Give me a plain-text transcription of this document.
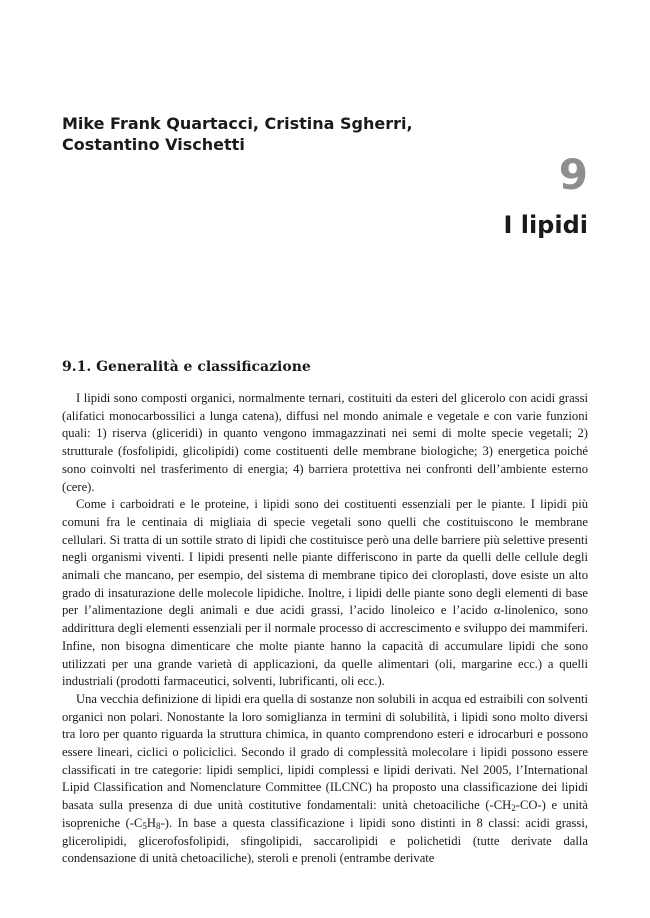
Mike Frank Quartacci, Cristina Sgherri,
Costantino Vischetti
9
I lipidi
9.1. Generalità e classificazione

I lipidi sono composti organici, normalmente ternari, costituiti da esteri del glicerolo con acidi grassi (alifatici monocarbossilici a lunga catena), diffusi nel mondo animale e vegetale e con varie funzioni quali: 1) riserva (gliceridi) in quanto vengono immagazzinati nei semi di molte specie vegetali; 2) strutturale (fosfolipidi, glicolipidi) come costituenti delle membrane biologiche; 3) energetica poiché sono coinvolti nel trasferimento di energia; 4) barriera protettiva nei confronti dell’ambiente esterno (cere).

Come i carboidrati e le proteine, i lipidi sono dei costituenti essenziali per le piante. I lipidi più comuni fra le centinaia di migliaia di specie vegetali sono quelli che costituiscono le membrane cellulari. Si tratta di un sottile strato di lipidi che costituisce però una delle barriere più selettive presenti negli organismi viventi. I lipidi presenti nelle piante differiscono in parte da quelli delle cellule degli animali che mancano, per esempio, del sistema di membrane tipico dei cloroplasti, dove esiste un alto grado di insaturazione delle molecole lipidiche. Inoltre, i lipidi delle piante sono degli elementi di base per l’alimentazione degli animali e due acidi grassi, l’acido linoleico e l’acido α-linolenico, sono addirittura degli elementi essenziali per il normale processo di accrescimento e sviluppo dei mammiferi. Infine, non bisogna dimenticare che molte piante hanno la capacità di accumulare lipidi che sono utilizzati per una grande varietà di applicazioni, da quelle alimentari (oli, margarine ecc.) a quelli industriali (prodotti farmaceutici, solventi, lubrificanti, oli ecc.).

Una vecchia definizione di lipidi era quella di sostanze non solubili in acqua ed estraibili con solventi organici non polari. Nonostante la loro somiglianza in termini di solubilità, i lipidi sono molto diversi tra loro per quanto riguarda la struttura chimica, in quanto comprendono esteri e idrocarburi e possono essere lineari, ciclici o policiclici. Secondo il grado di complessità molecolare i lipidi possono essere classificati in tre categorie: lipidi semplici, lipidi complessi e lipidi derivati. Nel 2005, l’International Lipid Classification and Nomenclature Committee (ILCNC) ha proposto una classificazione dei lipidi basata sulla presenza di due unità costitutive fondamentali: unità chetoaciliche $(-CH_2-CO-)$ e unità isopreniche $(-C_5H_8-)$. In base a questa classificazione i lipidi sono distinti in 8 classi: acidi grassi, glicerolipidi, glicerofosfolipidi, sfingolipidi, saccarolipidi e polichetidi (tutte derivate dalla condensazione di unità chetoaciliche), steroli e prenoli (entrambe derivate
